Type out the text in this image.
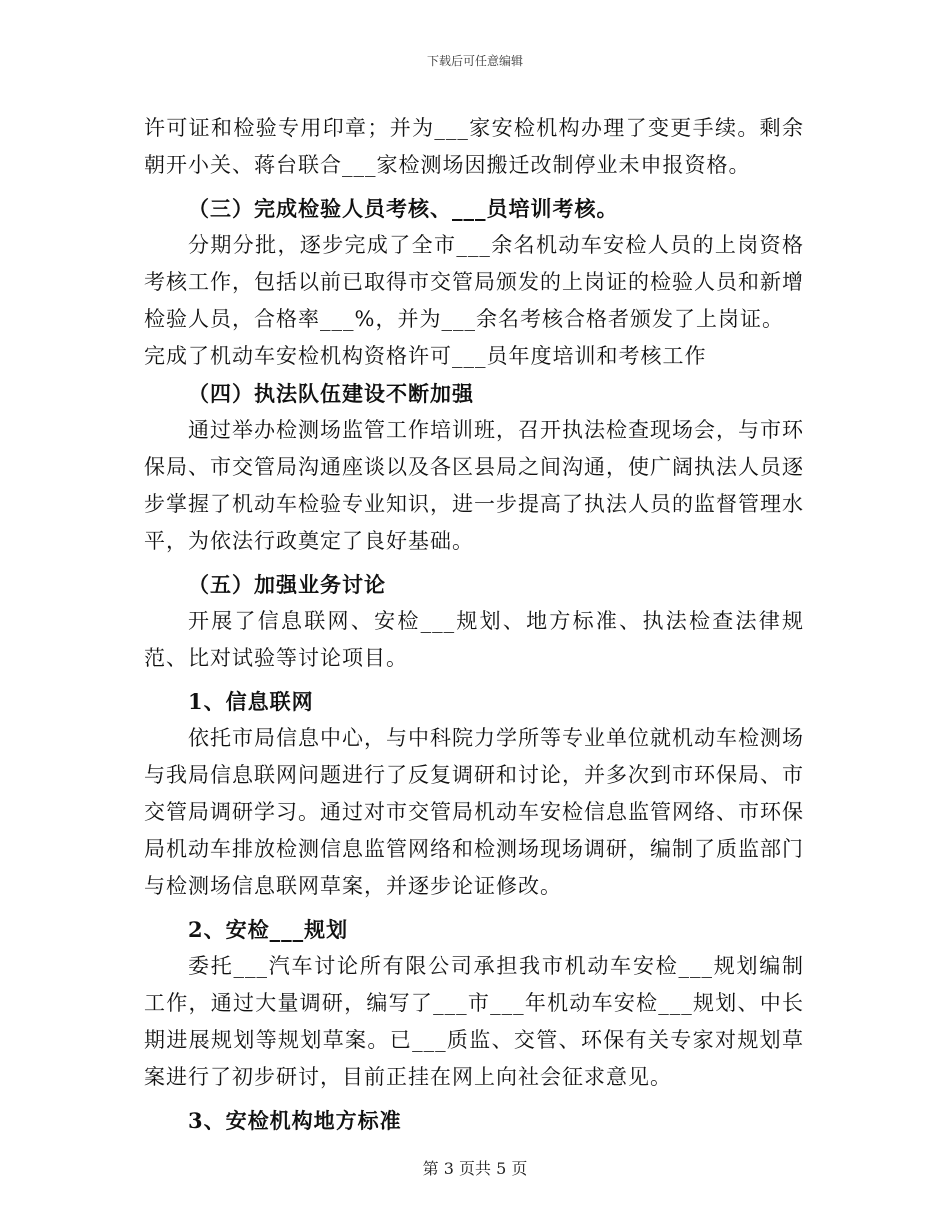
下载后可任意编辑

许可证和检验专用印章；并为___家安检机构办理了变更手续。剩余朝开小关、蒋台联合___家检测场因搬迁改制停业未申报资格。

（三）完成检验人员考核、___员培训考核。

分期分批，逐步完成了全市___余名机动车安检人员的上岗资格考核工作，包括以前已取得市交管局颁发的上岗证的检验人员和新增检验人员，合格率___%，并为___余名考核合格者颁发了上岗证。

完成了机动车安检机构资格许可___员年度培训和考核工作

（四）执法队伍建设不断加强

通过举办检测场监管工作培训班，召开执法检查现场会，与市环保局、市交管局沟通座谈以及各区县局之间沟通，使广阔执法人员逐步掌握了机动车检验专业知识，进一步提高了执法人员的监督管理水平，为依法行政奠定了良好基础。

（五）加强业务讨论

开展了信息联网、安检___规划、地方标准、执法检查法律规范、比对试验等讨论项目。

1、信息联网

依托市局信息中心，与中科院力学所等专业单位就机动车检测场与我局信息联网问题进行了反复调研和讨论，并多次到市环保局、市交管局调研学习。通过对市交管局机动车安检信息监管网络、市环保局机动车排放检测信息监管网络和检测场现场调研，编制了质监部门与检测场信息联网草案，并逐步论证修改。

2、安检___规划

委托___汽车讨论所有限公司承担我市机动车安检___规划编制工作，通过大量调研，编写了___市___年机动车安检___规划、中长期进展规划等规划草案。已___质监、交管、环保有关专家对规划草案进行了初步研讨，目前正挂在网上向社会征求意见。

3、安检机构地方标准

第 3 页共 5 页
